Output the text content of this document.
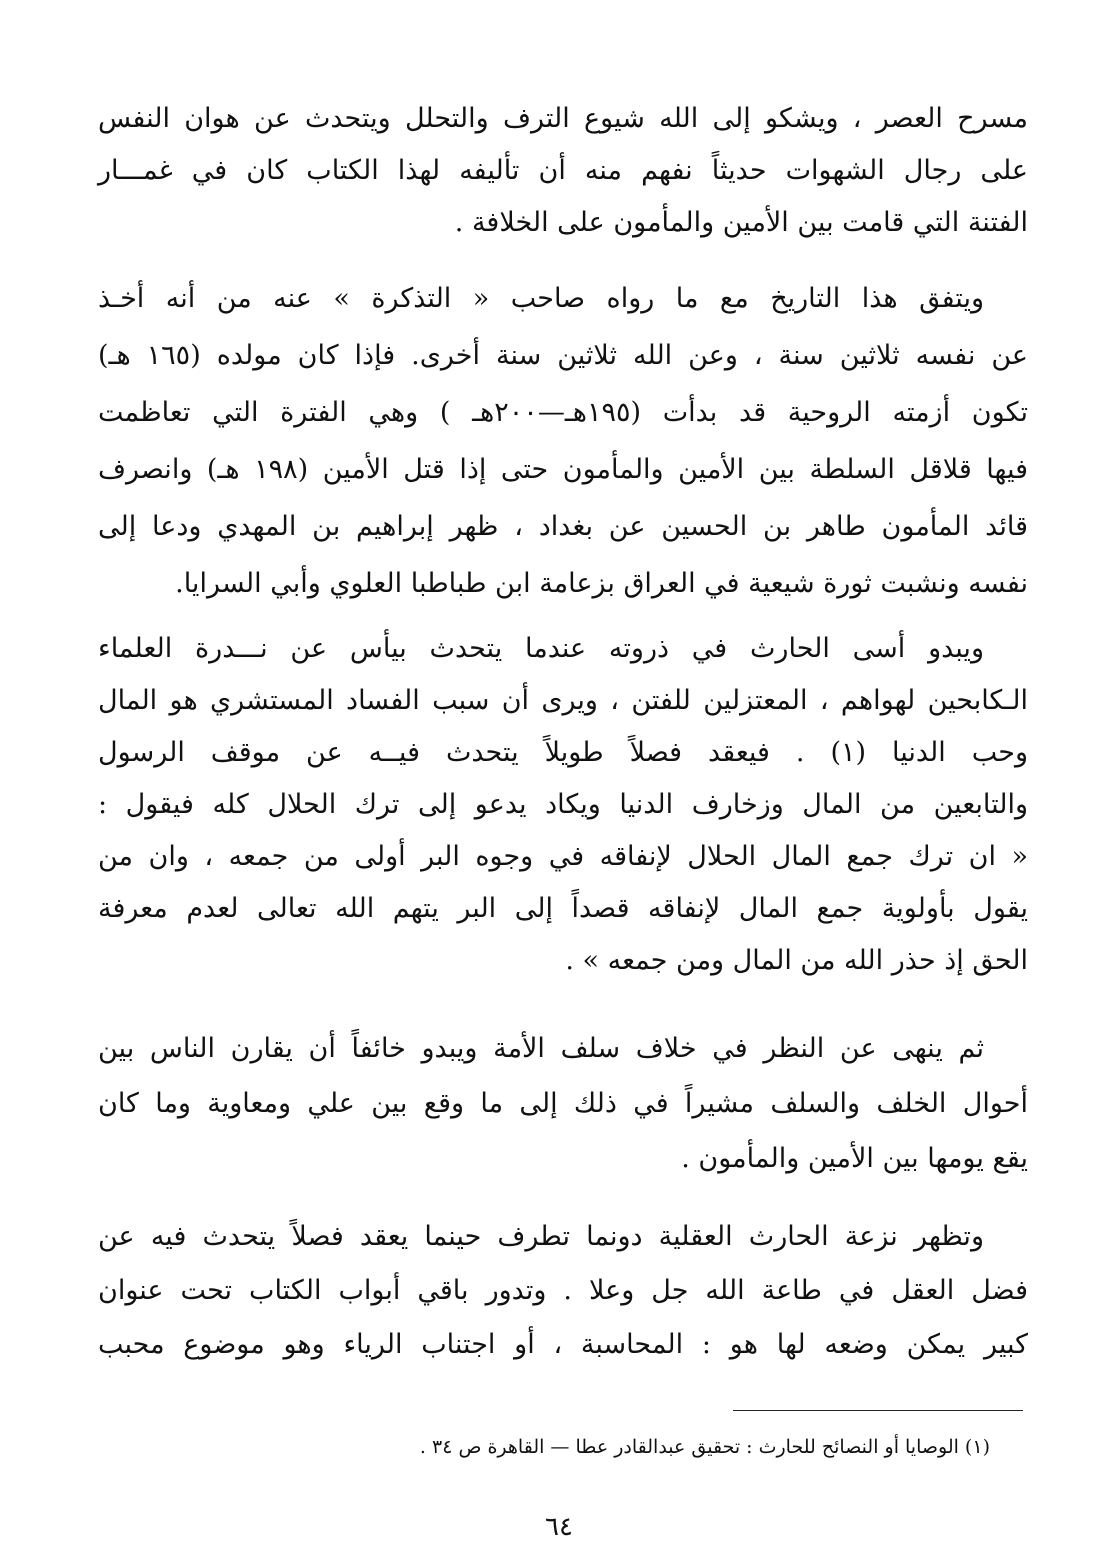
مسرح العصر ، ويشكو إلى الله شيوع الترف والتحلل ويتحدث عن هوان النفس
على رجال الشهوات حديثاً نفهم منه أن تأليفه لهذا الكتاب كان في غمـــار
الفتنة التي قامت بين الأمين والمأمون على الخلافة .
ويتفق هذا التاريخ مع ما رواه صاحب « التذكرة » عنه من أنه أخـذ
عن نفسه ثلاثين سنة ، وعن الله ثلاثين سنة أخرى. فإذا كان مولده (١٦٥ هـ)
تكون أزمته الروحية قد بدأت (١٩٥هـ—٢٠٠هـ ) وهي الفترة التي تعاظمت
فيها قلاقل السلطة بين الأمين والمأمون حتى إذا قتل الأمين (١٩٨ هـ) وانصرف
قائد المأمون طاهر بن الحسين عن بغداد ، ظهر إبراهيم بن المهدي ودعا إلى
نفسه ونشبت ثورة شيعية في العراق بزعامة ابن طباطبا العلوي وأبي السرايا.
ويبدو أسى الحارث في ذروته عندما يتحدث بيأس عن نـــدرة العلماء
الـكابحين لهواهم ، المعتزلين للفتن ، ويرى أن سبب الفساد المستشري هو المال
وحب الدنيا (١) . فيعقد فصلاً طويلاً يتحدث فيــه عن موقف الرسول
والتابعين من المال وزخارف الدنيا ويكاد يدعو إلى ترك الحلال كله فيقول :
« ان ترك جمع المال الحلال لإنفاقه في وجوه البر أولى من جمعه ، وان من
يقول بأولوية جمع المال لإنفاقه قصداً إلى البر يتهم الله تعالى لعدم معرفة
الحق إذ حذر الله من المال ومن جمعه » .
ثم ينهى عن النظر في خلاف سلف الأمة ويبدو خائفاً أن يقارن الناس بين
أحوال الخلف والسلف مشيراً في ذلك إلى ما وقع بين علي ومعاوية وما كان
يقع يومها بين الأمين والمأمون .
وتظهر نزعة الحارث العقلية دونما تطرف حينما يعقد فصلاً يتحدث فيه عن
فضل العقل في طاعة الله جل وعلا . وتدور باقي أبواب الكتاب تحت عنوان
كبير يمكن وضعه لها هو : المحاسبة ، أو اجتناب الرياء وهو موضوع محبب
(١) الوصايا أو النصائح للحارث : تحقيق عبدالقادر عطا — القاهرة ص ٣٤ .
٦٤
